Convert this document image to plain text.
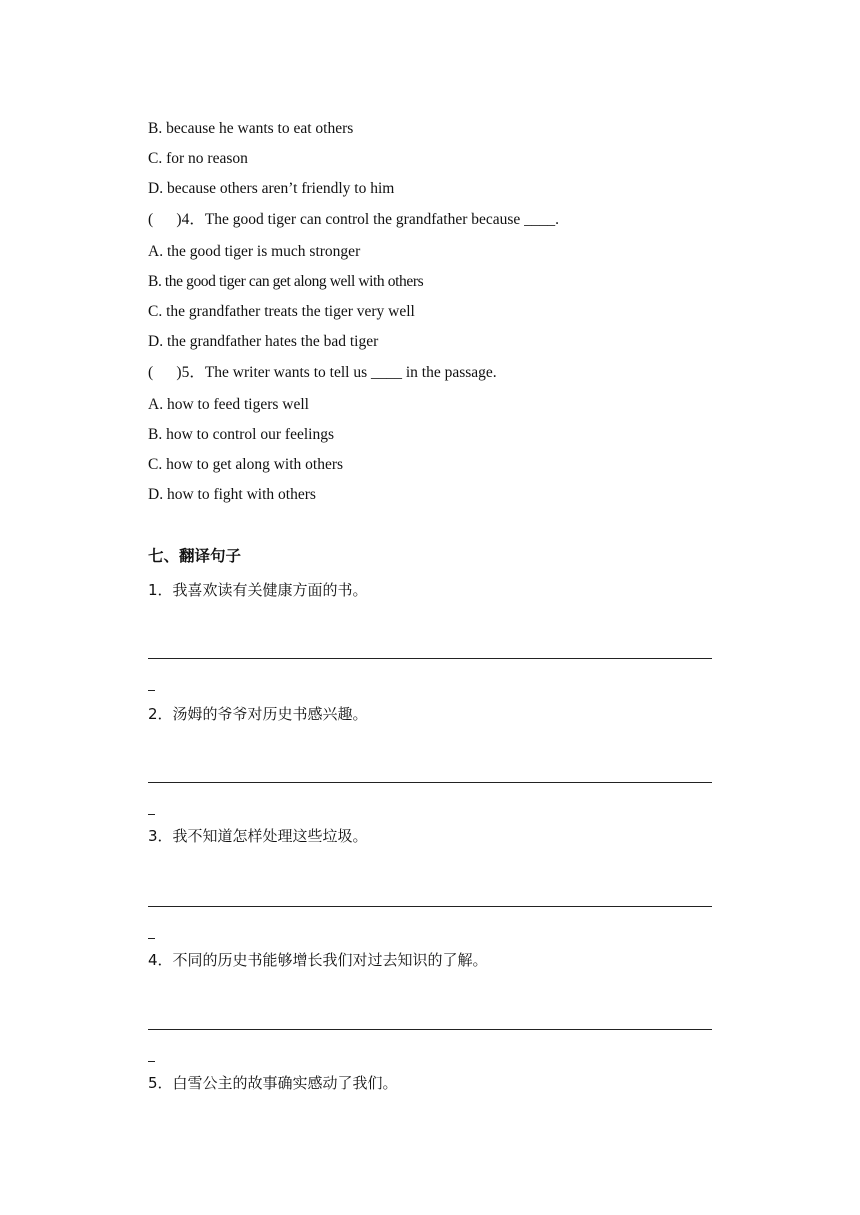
B. because he wants to eat others
C. for no reason
D. because others aren’t friendly to him
(      )4．The good tiger can control the grandfather because ____.
A. the good tiger is much stronger
B. the good tiger can get along well with others
C. the grandfather treats the tiger very well
D. the grandfather hates the bad tiger
(      )5．The writer wants to tell us ____ in the passage.
A. how to feed tigers well
B. how to control our feelings
C. how to get along with others
D. how to fight with others
七、翻译句子
1．我喜欢读有关健康方面的书。
2．汤姆的爷爷对历史书感兴趣。
3．我不知道怎样处理这些垃圾。
4．不同的历史书能够增长我们对过去知识的了解。
5．白雪公主的故事确实感动了我们。
